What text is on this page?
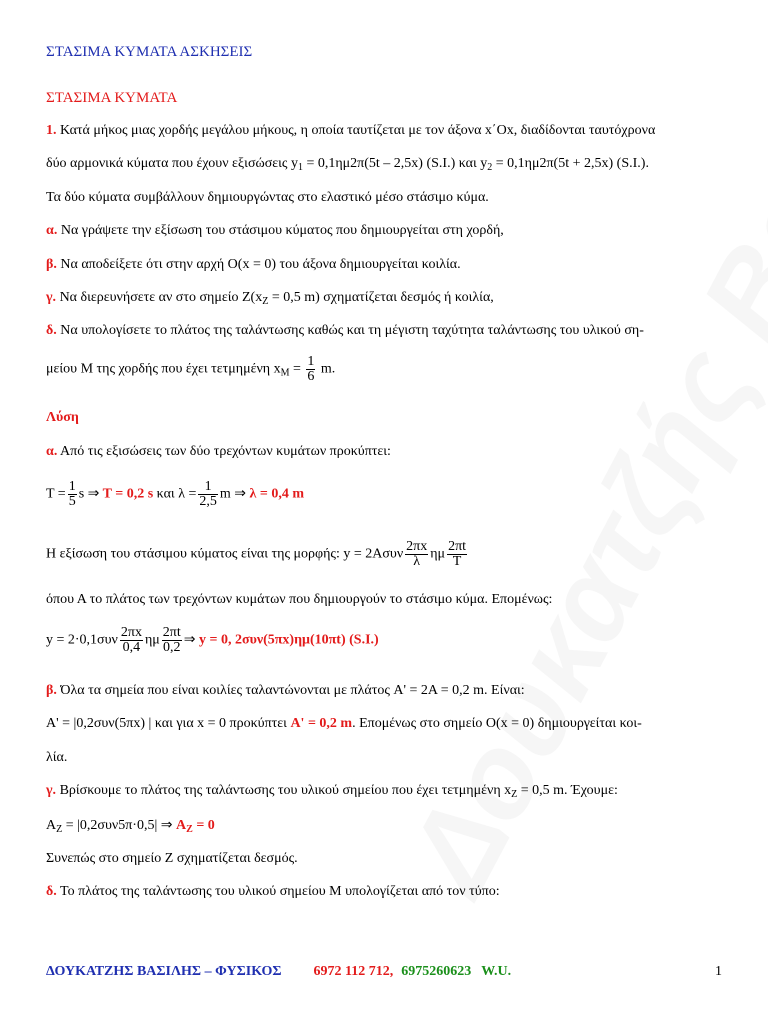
ΣΤΑΣΙΜΑ ΚΥΜΑΤΑ ΑΣΚΗΣΕΙΣ
ΣΤΑΣΙΜΑ ΚΥΜΑΤΑ
1. Κατά μήκος μιας χορδής μεγάλου μήκους, η οποία ταυτίζεται με τον άξονα x΄Ox, διαδίδονται ταυτόχρονα
δύο αρμονικά κύματα που έχουν εξισώσεις $y_1 = 0,1\eta\mu 2\pi(5t - 2,5x)$ (S.I.) και $y_2 = 0,1\eta\mu 2\pi(5t + 2,5x)$ (S.I.).
Τα δύο κύματα συμβάλλουν δημιουργώντας στο ελαστικό μέσο στάσιμο κύμα.
α. Να γράψετε την εξίσωση του στάσιμου κύματος που δημιουργείται στη χορδή,
β. Να αποδείξετε ότι στην αρχή O(x = 0) του άξονα δημιουργείται κοιλία.
γ. Να διερευνήσετε αν στο σημείο $Z(x_Z = 0,5$ m) σχηματίζεται δεσμός ή κοιλία,
δ. Να υπολογίσετε το πλάτος της ταλάντωσης καθώς και τη μέγιστη ταχύτητα ταλάντωσης του υλικού ση-
μείου Μ της χορδής που έχει τετμημένη $x_M = \frac{1}{6} m$.
Λύση
α. Από τις εξισώσεις των δύο τρεχόντων κυμάτων προκύπτει:
$T = \frac{1}{5}$ s ⇒ T = 0,2 s και $\lambda = \frac{1}{2,5}$ m ⇒ λ = 0,4 m
Η εξίσωση του στάσιμου κύματος είναι της μορφής: $y = 2A\sigma\upsilon\nu \frac{2\pi x}{\lambda}$ ημ $\frac{2\pi t}{T}$
όπου Α το πλάτος των τρεχόντων κυμάτων που δημιουργούν το στάσιμο κύμα. Επομένως:
$y = 2\cdot 0,1\sigma\upsilon\nu \frac{2\pi x}{0,4}$ ημ $\frac{2\pi t}{0,2}$ ⇒ y = 0, 2συν(5πx)ημ(10πt) (S.I.)
β. Όλα τα σημεία που είναι κοιλίες ταλαντώνονται με πλάτος A' = 2A = 0,2 m. Είναι:
A' = |0,2συν(5πx) | και για x = 0 προκύπτει A' = 0,2 m. Επομένως στο σημείο O(x = 0) δημιουργείται κοι-
λία.
γ. Βρίσκουμε το πλάτος της ταλάντωσης του υλικού σημείου που έχει τετμημένη $x_Z = 0,5$ m. Έχουμε:
$A_Z = |0,2\sigma\upsilon\nu 5\pi\cdot 0,5|$ ⇒ $A_Z = 0$
Συνεπώς στο σημείο Ζ σχηματίζεται δεσμός.
δ. Το πλάτος της ταλάντωσης του υλικού σημείου Μ υπολογίζεται από τον τύπο:
ΔΟΥΚΑΤΖΗΣ ΒΑΣΙΛΗΣ – ΦΥΣΙΚΟΣ 6972 112 712, 6975260623 W.U.	1
